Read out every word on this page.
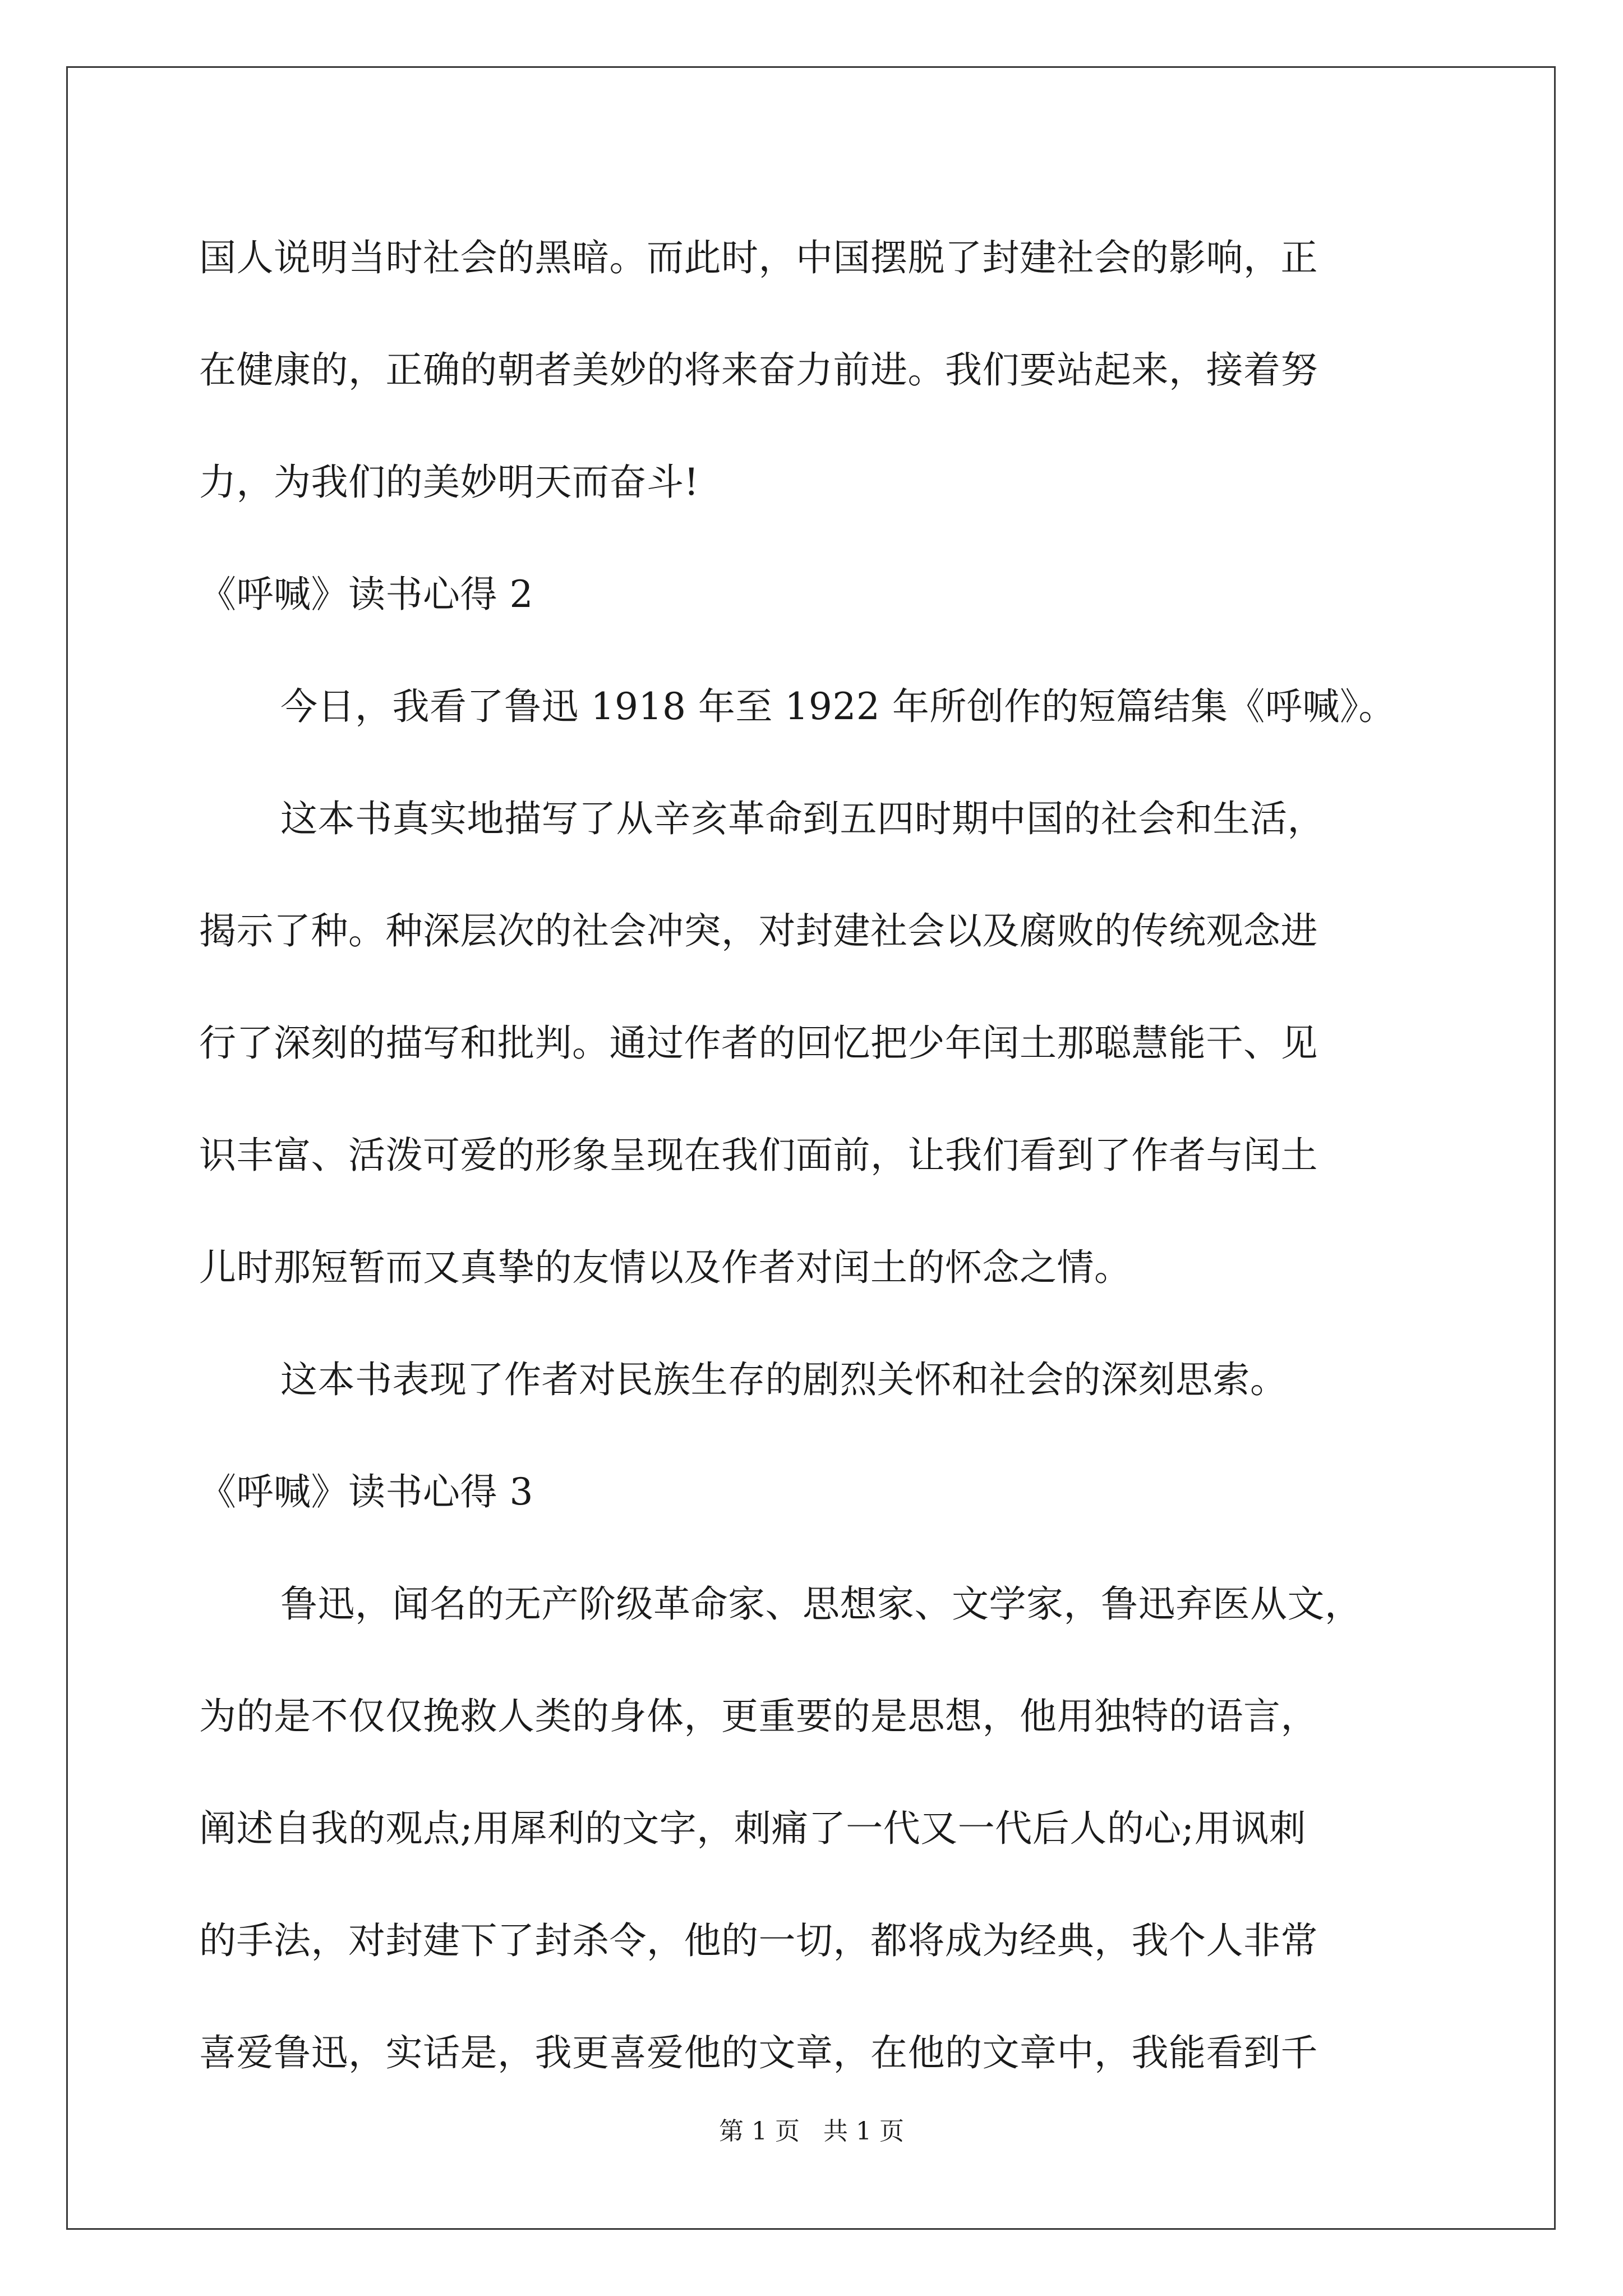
国人说明当时社会的黑暗。而此时，中国摆脱了封建社会的影响，正
在健康的，正确的朝者美妙的将来奋力前进。我们要站起来，接着努
力，为我们的美妙明天而奋斗!
《呼喊》读书心得 2
今日，我看了鲁迅 1918 年至 1922 年所创作的短篇结集《呼喊》。
这本书真实地描写了从辛亥革命到五四时期中国的社会和生活，
揭示了种。种深层次的社会冲突，对封建社会以及腐败的传统观念进
行了深刻的描写和批判。通过作者的回忆把少年闰土那聪慧能干、见
识丰富、活泼可爱的形象呈现在我们面前，让我们看到了作者与闰土
儿时那短暂而又真挚的友情以及作者对闰土的怀念之情。
这本书表现了作者对民族生存的剧烈关怀和社会的深刻思索。
《呼喊》读书心得 3
鲁迅，闻名的无产阶级革命家、思想家、文学家，鲁迅弃医从文，
为的是不仅仅挽救人类的身体，更重要的是思想，他用独特的语言，
阐述自我的观点;用犀利的文字，刺痛了一代又一代后人的心;用讽刺
的手法，对封建下了封杀令，他的一切，都将成为经典，我个人非常
喜爱鲁迅，实话是，我更喜爱他的文章，在他的文章中，我能看到千
第 1 页   共 1 页
